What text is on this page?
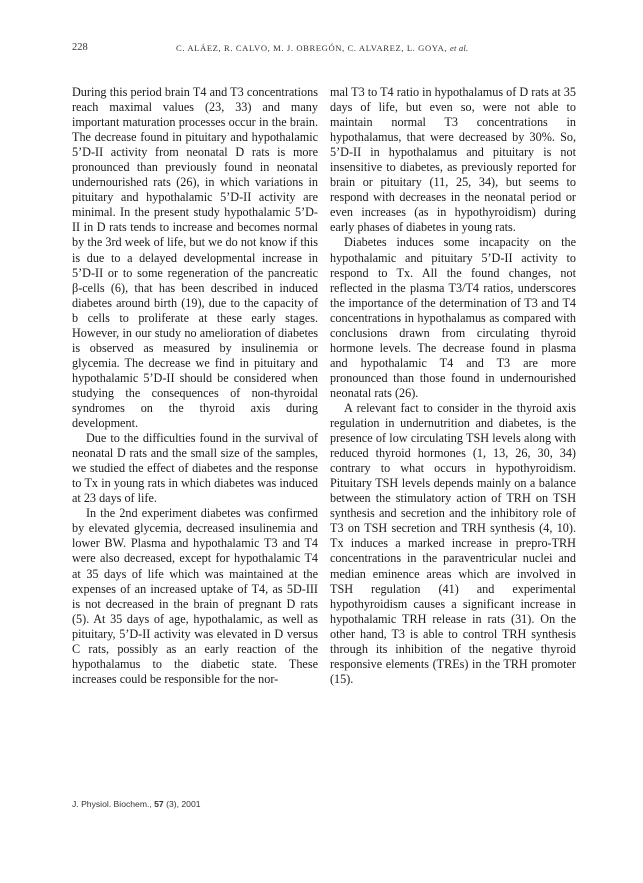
228	C. ALÁEZ, R. CALVO, M. J. OBREGÓN, C. ALVAREZ, L. GOYA, et al.

During this period brain T4 and T3 concentrations reach maximal values (23, 33) and many important maturation processes occur in the brain. The decrease found in pituitary and hypothalamic 5’D-II activity from neonatal D rats is more pronounced than previously found in neonatal undernourished rats (26), in which variations in pituitary and hypothalamic 5’D-II activity are minimal. In the present study hypothalamic 5’D-II in D rats tends to increase and becomes normal by the 3rd week of life, but we do not know if this is due to a delayed developmental increase in 5’D-II or to some regeneration of the pancreatic β-cells (6), that has been described in induced diabetes around birth (19), due to the capacity of b cells to proliferate at these early stages. However, in our study no amelioration of diabetes is observed as measured by insulinemia or glycemia. The decrease we find in pituitary and hypothalamic 5’D-II should be considered when studying the consequences of non-thyroidal syndromes on the thyroid axis during development.

Due to the difficulties found in the survival of neonatal D rats and the small size of the samples, we studied the effect of diabetes and the response to Tx in young rats in which diabetes was induced at 23 days of life.

In the 2nd experiment diabetes was confirmed by elevated glycemia, decreased insulinemia and lower BW. Plasma and hypothalamic T3 and T4 were also decreased, except for hypothalamic T4 at 35 days of life which was maintained at the expenses of an increased uptake of T4, as 5D-III is not decreased in the brain of pregnant D rats (5). At 35 days of age, hypothalamic, as well as pituitary, 5’D-II activity was elevated in D versus C rats, possibly as an early reaction of the hypothalamus to the diabetic state. These increases could be responsible for the nor-

mal T3 to T4 ratio in hypothalamus of D rats at 35 days of life, but even so, were not able to maintain normal T3 concentrations in hypothalamus, that were decreased by 30%. So, 5’D-II in hypothalamus and pituitary is not insensitive to diabetes, as previously reported for brain or pituitary (11, 25, 34), but seems to respond with decreases in the neonatal period or even increases (as in hypothyroidism) during early phases of diabetes in young rats.

Diabetes induces some incapacity on the hypothalamic and pituitary 5’D-II activity to respond to Tx. All the found changes, not reflected in the plasma T3/T4 ratios, underscores the importance of the determination of T3 and T4 concentrations in hypothalamus as compared with conclusions drawn from circulating thyroid hormone levels. The decrease found in plasma and hypothalamic T4 and T3 are more pronounced than those found in undernourished neonatal rats (26).

A relevant fact to consider in the thyroid axis regulation in undernutrition and diabetes, is the presence of low circulating TSH levels along with reduced thyroid hormones (1, 13, 26, 30, 34) contrary to what occurs in hypothyroidism. Pituitary TSH levels depends mainly on a balance between the stimulatory action of TRH on TSH synthesis and secretion and the inhibitory role of T3 on TSH secretion and TRH synthesis (4, 10). Tx induces a marked increase in prepro-TRH concentrations in the paraventricular nuclei and median eminence areas which are involved in TSH regulation (41) and experimental hypothyroidism causes a significant increase in hypothalamic TRH release in rats (31). On the other hand, T3 is able to control TRH synthesis through its inhibition of the negative thyroid responsive elements (TREs) in the TRH promoter (15).

J. Physiol. Biochem., 57 (3), 2001
